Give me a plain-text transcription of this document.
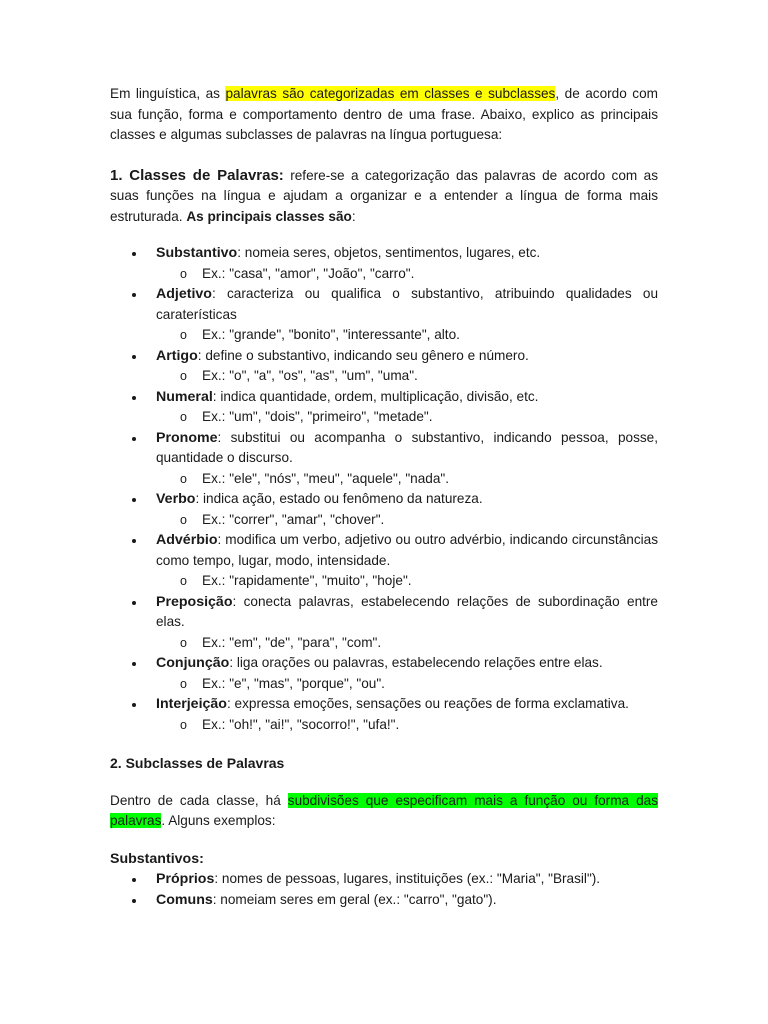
Em linguística, as palavras são categorizadas em classes e subclasses, de acordo com sua função, forma e comportamento dentro de uma frase. Abaixo, explico as principais classes e algumas subclasses de palavras na língua portuguesa:

1. Classes de Palavras: refere-se a categorização das palavras de acordo com as suas funções na língua e ajudam a organizar e a entender a língua de forma mais estruturada. As principais classes são:

Substantivo: nomeia seres, objetos, sentimentos, lugares, etc.
o Ex.: "casa", "amor", "João", "carro".
Adjetivo: caracteriza ou qualifica o substantivo, atribuindo qualidades ou caraterísticas
o Ex.: "grande", "bonito", "interessante", alto.
Artigo: define o substantivo, indicando seu gênero e número.
o Ex.: "o", "a", "os", "as", "um", "uma".
Numeral: indica quantidade, ordem, multiplicação, divisão, etc.
o Ex.: "um", "dois", "primeiro", "metade".
Pronome: substitui ou acompanha o substantivo, indicando pessoa, posse, quantidade o discurso.
o Ex.: "ele", "nós", "meu", "aquele", "nada".
Verbo: indica ação, estado ou fenômeno da natureza.
o Ex.: "correr", "amar", "chover".
Advérbio: modifica um verbo, adjetivo ou outro advérbio, indicando circunstâncias como tempo, lugar, modo, intensidade.
o Ex.: "rapidamente", "muito", "hoje".
Preposição: conecta palavras, estabelecendo relações de subordinação entre elas.
o Ex.: "em", "de", "para", "com".
Conjunção: liga orações ou palavras, estabelecendo relações entre elas.
o Ex.: "e", "mas", "porque", "ou".
Interjeição: expressa emoções, sensações ou reações de forma exclamativa.
o Ex.: "oh!", "ai!", "socorro!", "ufa!".
2. Subclasses de Palavras

Dentro de cada classe, há subdivisões que especificam mais a função ou forma das palavras. Alguns exemplos:

Substantivos:
Próprios: nomes de pessoas, lugares, instituições (ex.: "Maria", "Brasil").
Comuns: nomeiam seres em geral (ex.: "carro", "gato").
